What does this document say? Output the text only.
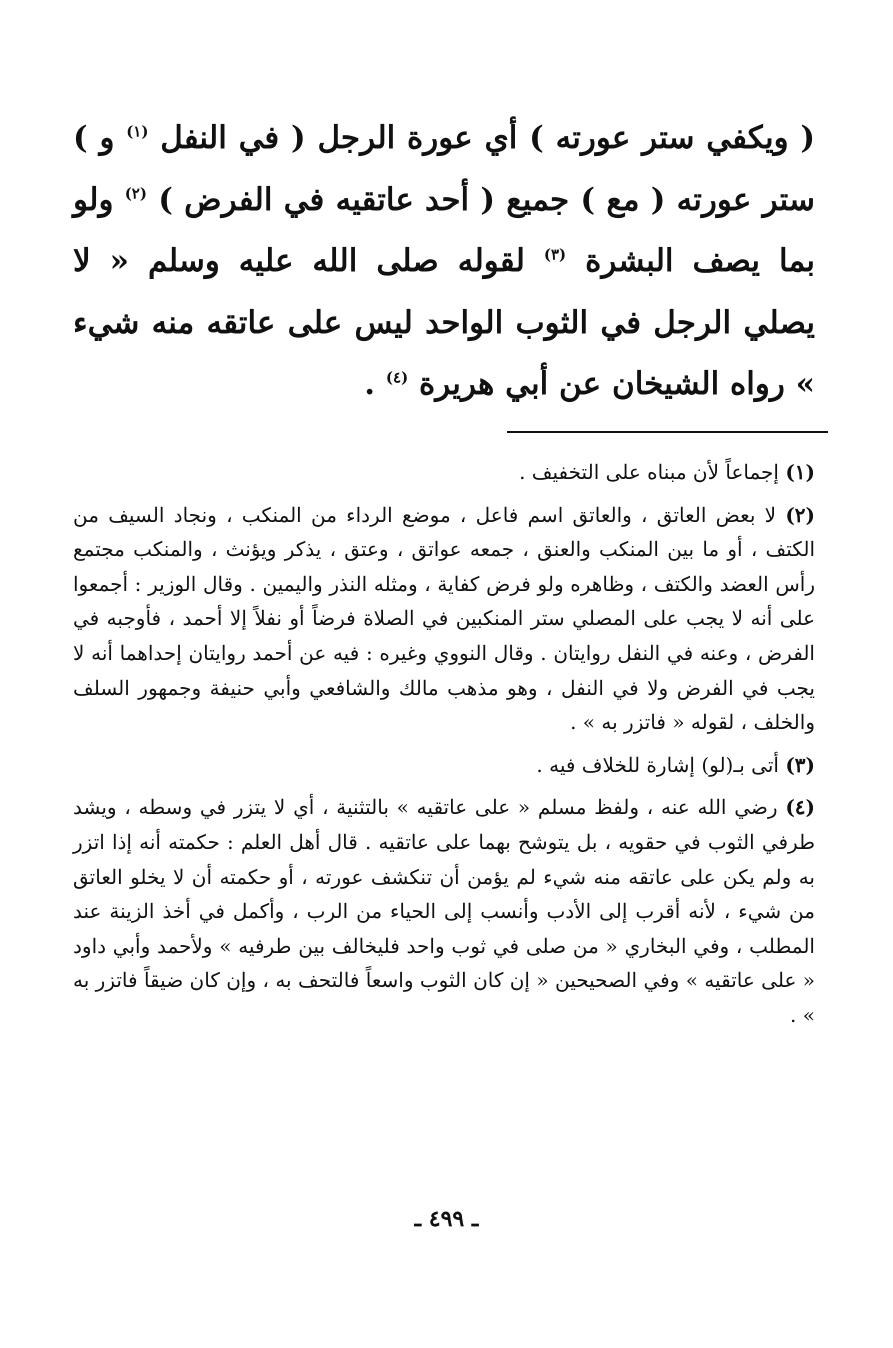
( ويكفي ستر عورته ) أي عورة الرجل ( في النفل $^{(١)}$ و ) ستر عورته ( مع ) جميع ( أحد عاتقيه في الفرض ) $^{(٢)}$ ولو بما يصف البشرة $^{(٣)}$ لقوله صلى الله عليه وسلم « لا يصلي الرجل في الثوب الواحد ليس على عاتقه منه شيء » رواه الشيخان عن أبي هريرة $^{(٤)}$ .

(١) إجماعاً لأن مبناه على التخفيف .

(٢) لا بعض العاتق ، والعاتق اسم فاعل ، موضع الرداء من المنكب ، ونجاد السيف من الكتف ، أو ما بين المنكب والعنق ، جمعه عواتق ، وعتق ، يذكر ويؤنث ، والمنكب مجتمع رأس العضد والكتف ، وظاهره ولو فرض كفاية ، ومثله النذر واليمين . وقال الوزير : أجمعوا على أنه لا يجب على المصلي ستر المنكبين في الصلاة فرضاً أو نفلاً إلا أحمد ، فأوجبه في الفرض ، وعنه في النفل روايتان . وقال النووي وغيره : فيه عن أحمد روايتان إحداهما أنه لا يجب في الفرض ولا في النفل ، وهو مذهب مالك والشافعي وأبي حنيفة وجمهور السلف والخلف ، لقوله « فاتزر به » .

(٣) أتى بـ(لو) إشارة للخلاف فيه .

(٤) رضي الله عنه ، ولفظ مسلم « على عاتقيه » بالتثنية ، أي لا يتزر في وسطه ، ويشد طرفي الثوب في حقويه ، بل يتوشح بهما على عاتقيه . قال أهل العلم : حكمته أنه إذا اتزر به ولم يكن على عاتقه منه شيء لم يؤمن أن تنكشف عورته ، أو حكمته أن لا يخلو العاتق من شيء ، لأنه أقرب إلى الأدب وأنسب إلى الحياء من الرب ، وأكمل في أخذ الزينة عند المطلب ، وفي البخاري « من صلى في ثوب واحد فليخالف بين طرفيه » ولأحمد وأبي داود « على عاتقيه » وفي الصحيحين « إن كان الثوب واسعاً فالتحف به ، وإن كان ضيقاً فاتزر به » .

ـ ٤٩٩ ـ
